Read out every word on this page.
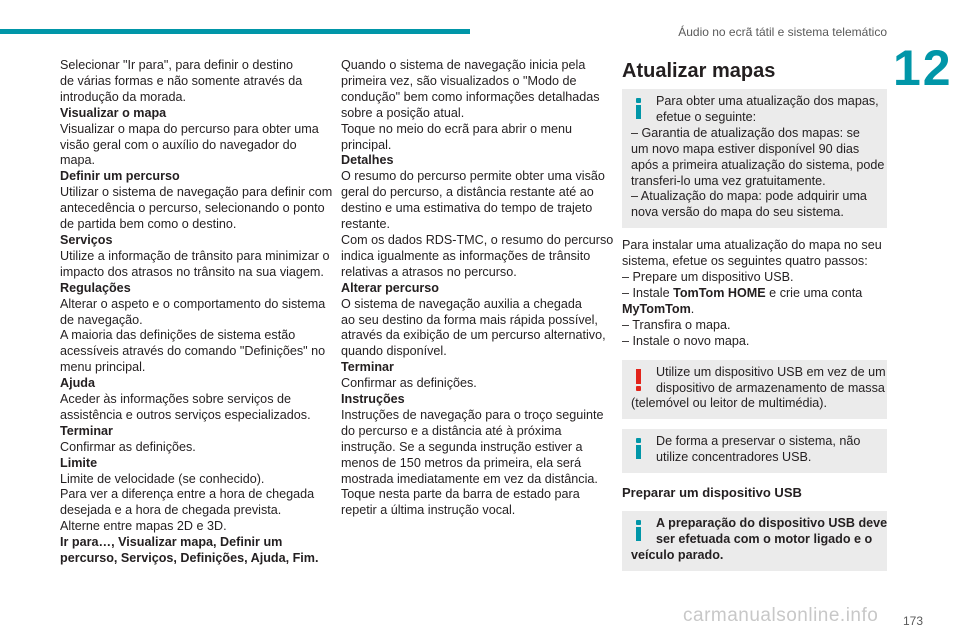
Áudio no ecrã tátil e sistema telemático
12
Selecionar "Ir para", para definir o destino
de várias formas e não somente através da
introdução da morada.
Visualizar o mapa
Visualizar o mapa do percurso para obter uma
visão geral com o auxílio do navegador do
mapa.
Definir um percurso
Utilizar o sistema de navegação para definir com
antecedência o percurso, selecionando o ponto
de partida bem como o destino.
Serviços
Utilize a informação de trânsito para minimizar o
impacto dos atrasos no trânsito na sua viagem.
Regulações
Alterar o aspeto e o comportamento do sistema
de navegação.
A maioria das definições de sistema estão
acessíveis através do comando "Definições" no
menu principal.
Ajuda
Aceder às informações sobre serviços de
assistência e outros serviços especializados.
Terminar
Confirmar as definições.
Limite
Limite de velocidade (se conhecido).
Para ver a diferença entre a hora de chegada
desejada e a hora de chegada prevista.
Alterne entre mapas 2D e 3D.
Ir para…, Visualizar mapa, Definir um
percurso, Serviços, Definições, Ajuda, Fim.
Quando o sistema de navegação inicia pela
primeira vez, são visualizados o "Modo de
condução" bem como informações detalhadas
sobre a posição atual.
Toque no meio do ecrã para abrir o menu
principal.
Detalhes
O resumo do percurso permite obter uma visão
geral do percurso, a distância restante até ao
destino e uma estimativa do tempo de trajeto
restante.
Com os dados RDS-TMC, o resumo do percurso
indica igualmente as informações de trânsito
relativas a atrasos no percurso.
Alterar percurso
O sistema de navegação auxilia a chegada
ao seu destino da forma mais rápida possível,
através da exibição de um percurso alternativo,
quando disponível.
Terminar
Confirmar as definições.
Instruções
Instruções de navegação para o troço seguinte
do percurso e a distância até à próxima
instrução. Se a segunda instrução estiver a
menos de 150 metros da primeira, ela será
mostrada imediatamente em vez da distância.
Toque nesta parte da barra de estado para
repetir a última instrução vocal.
Atualizar mapas
Para obter uma atualização dos mapas,
efetue o seguinte:
– Garantia de atualização dos mapas: se
um novo mapa estiver disponível 90 dias
após a primeira atualização do sistema, pode
transferi-lo uma vez gratuitamente.
– Atualização do mapa: pode adquirir uma
nova versão do mapa do seu sistema.
Para instalar uma atualização do mapa no seu
sistema, efetue os seguintes quatro passos:
– Prepare um dispositivo USB.
– Instale TomTom HOME e crie uma conta
MyTomTom.
– Transfira o mapa.
– Instale o novo mapa.
Utilize um dispositivo USB em vez de um
dispositivo de armazenamento de massa
(telemóvel ou leitor de multimédia).
De forma a preservar o sistema, não
utilize concentradores USB.
Preparar um dispositivo USB
A preparação do dispositivo USB deve
ser efetuada com o motor ligado e o
veículo parado.
carmanualsonline.info 173
